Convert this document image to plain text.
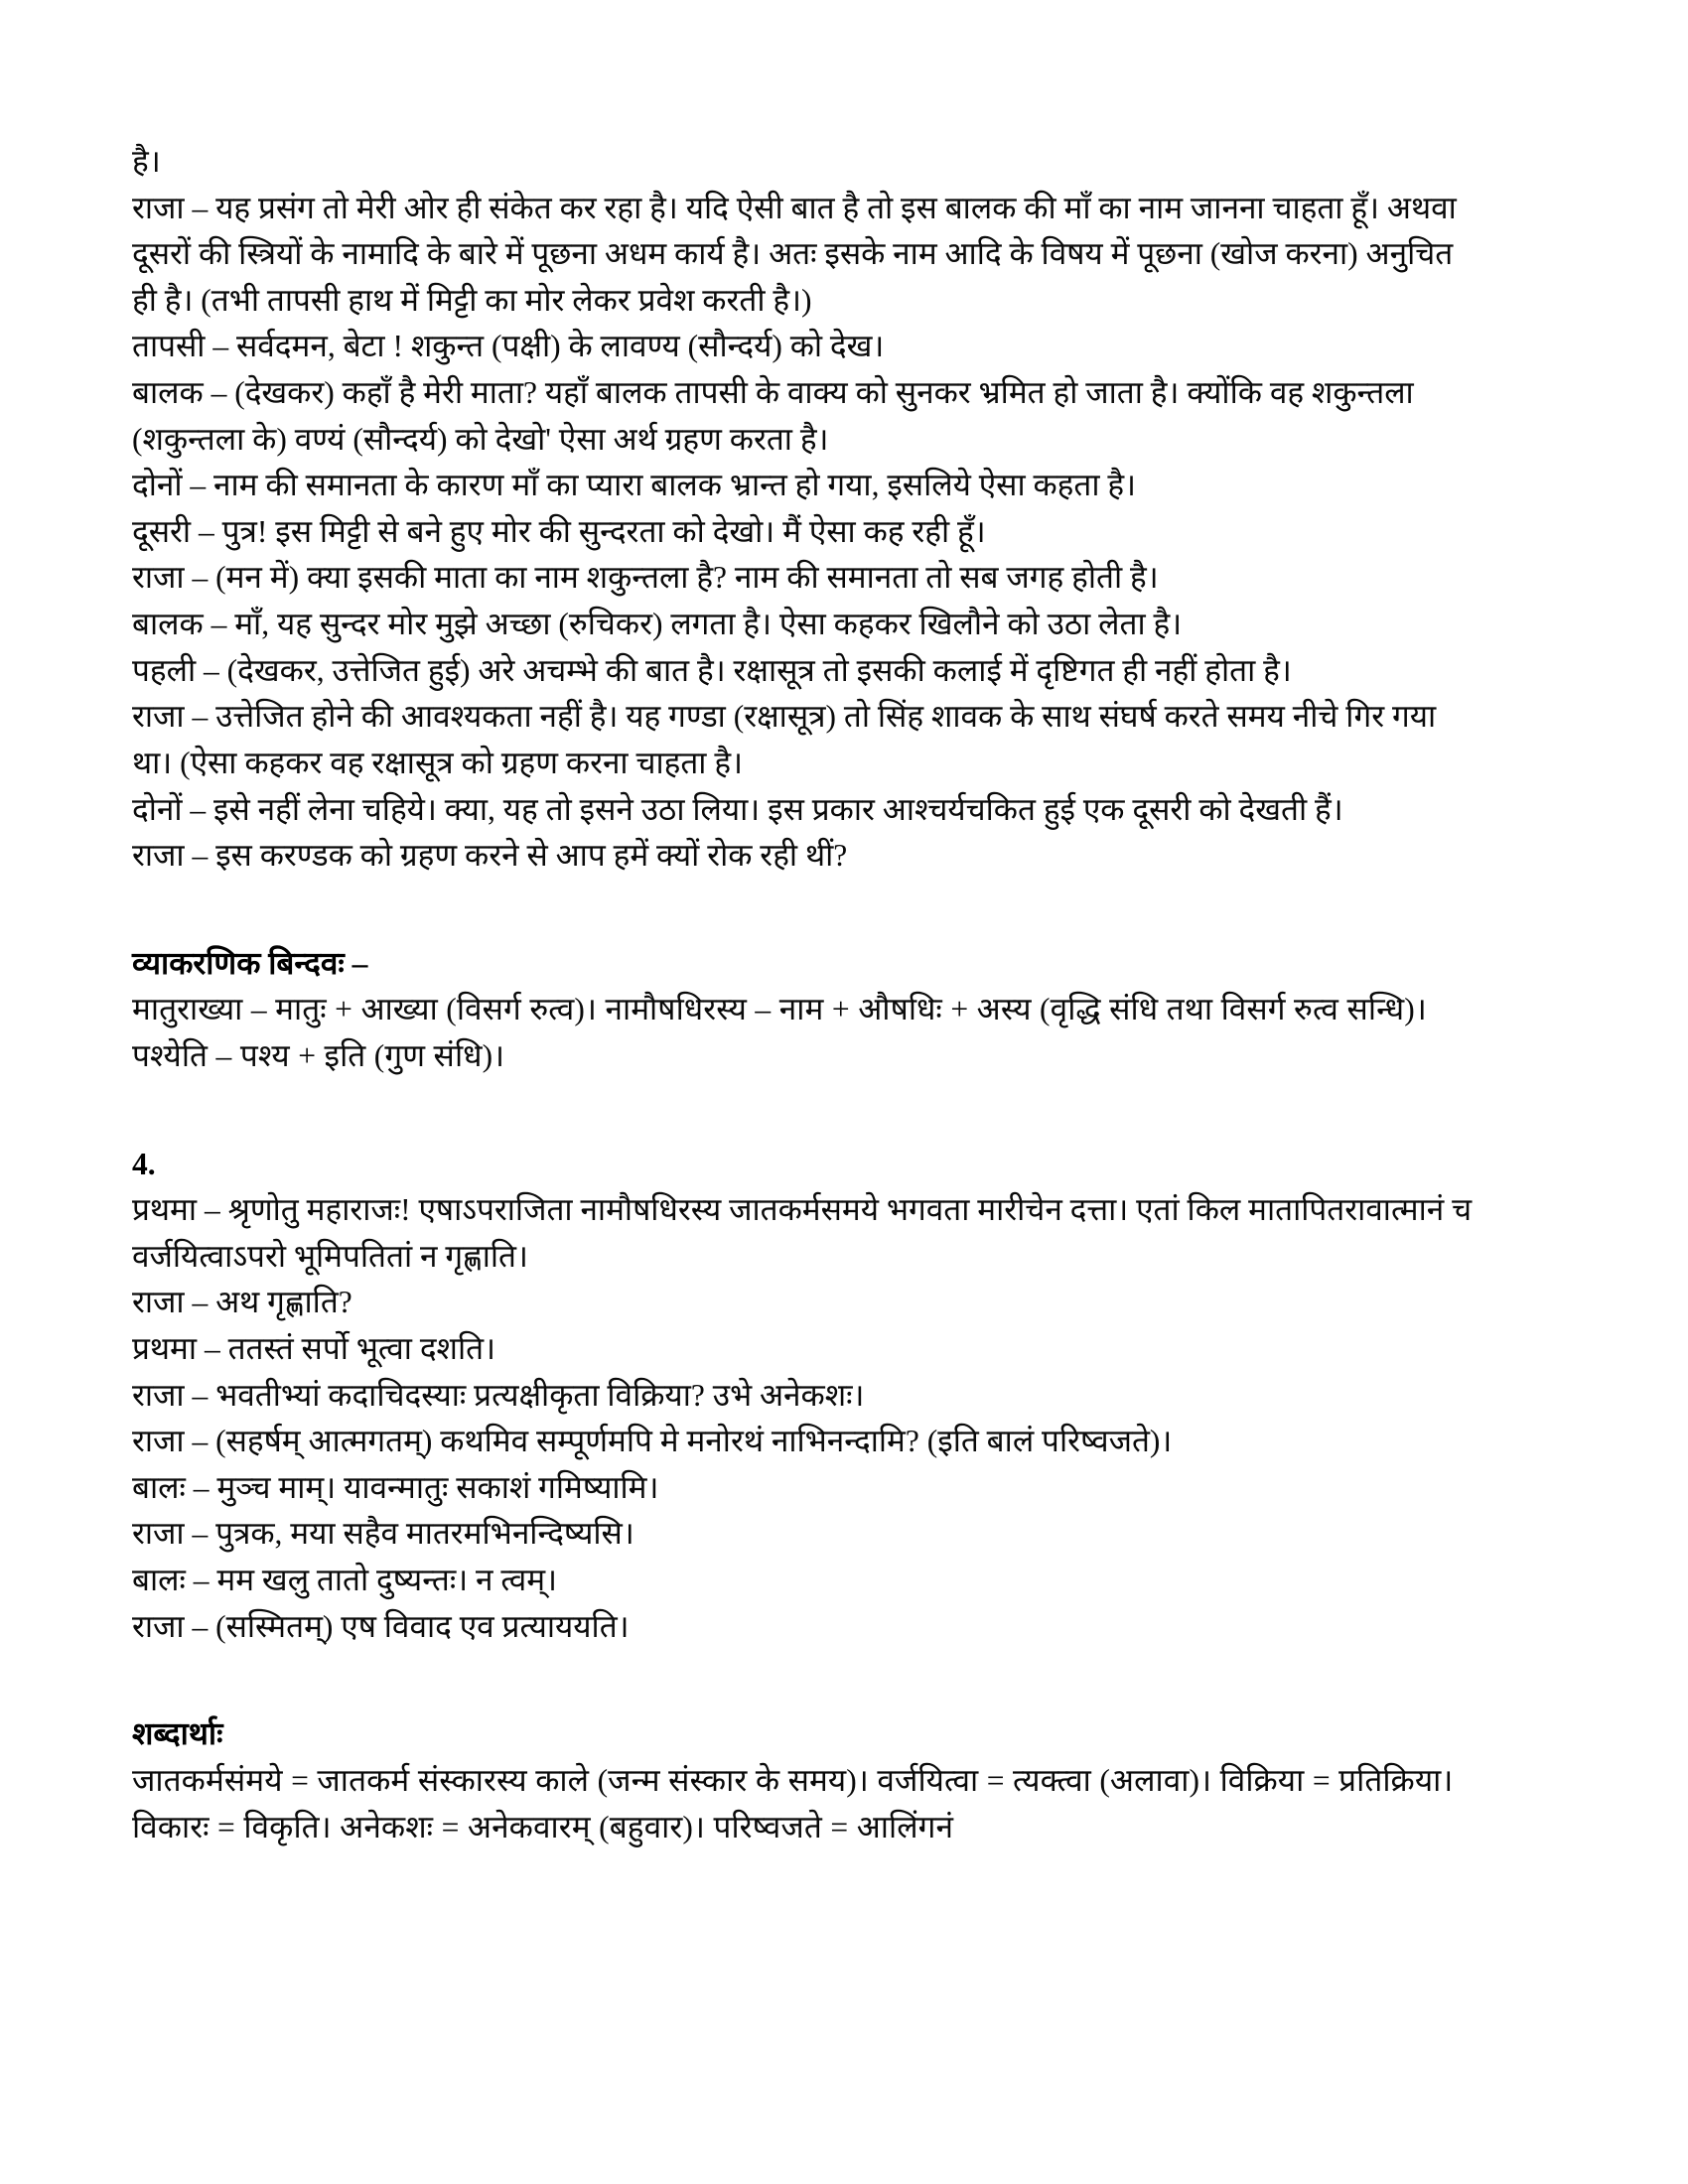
है।
राजा – यह प्रसंग तो मेरी ओर ही संकेत कर रहा है। यदि ऐसी बात है तो इस बालक की माँ का नाम जानना चाहता हूँ। अथवा दूसरों की स्त्रियों के नामादि के बारे में पूछना अधम कार्य है। अतः इसके नाम आदि के विषय में पूछना (खोज करना) अनुचित ही है। (तभी तापसी हाथ में मिट्टी का मोर लेकर प्रवेश करती है।)
तापसी – सर्वदमन, बेटा ! शकुन्त (पक्षी) के लावण्य (सौन्दर्य) को देख।
बालक – (देखकर) कहाँ है मेरी माता? यहाँ बालक तापसी के वाक्य को सुनकर भ्रमित हो जाता है। क्योंकि वह शकुन्तला (शकुन्तला के) वण्यं (सौन्दर्य) को देखो' ऐसा अर्थ ग्रहण करता है।
दोनों – नाम की समानता के कारण माँ का प्यारा बालक भ्रान्त हो गया, इसलिये ऐसा कहता है।
दूसरी – पुत्र! इस मिट्टी से बने हुए मोर की सुन्दरता को देखो। मैं ऐसा कह रही हूँ।
राजा – (मन में) क्या इसकी माता का नाम शकुन्तला है? नाम की समानता तो सब जगह होती है।
बालक – माँ, यह सुन्दर मोर मुझे अच्छा (रुचिकर) लगता है। ऐसा कहकर खिलौने को उठा लेता है।
पहली – (देखकर, उत्तेजित हुई) अरे अचम्भे की बात है। रक्षासूत्र तो इसकी कलाई में दृष्टिगत ही नहीं होता है।
राजा – उत्तेजित होने की आवश्यकता नहीं है। यह गण्डा (रक्षासूत्र) तो सिंह शावक के साथ संघर्ष करते समय नीचे गिर गया था। (ऐसा कहकर वह रक्षासूत्र को ग्रहण करना चाहता है।
दोनों – इसे नहीं लेना चहिये। क्या, यह तो इसने उठा लिया। इस प्रकार आश्चर्यचकित हुई एक दूसरी को देखती हैं।
राजा – इस करण्डक को ग्रहण करने से आप हमें क्यों रोक रही थीं?
व्याकरणिक बिन्दवः –
मातुराख्या – मातुः + आख्या (विसर्ग रुत्व)। नामौषधिरस्य – नाम + औषधिः + अस्य (वृद्धि संधि तथा विसर्ग रुत्व सन्धि)। पश्येति – पश्य + इति (गुण संधि)।
4.
प्रथमा – श्रृणोतु महाराजः! एषाऽपराजिता नामौषधिरस्य जातकर्मसमये भगवता मारीचेन दत्ता। एतां किल मातापितरावात्मानं च वर्जयित्वाऽपरो भूमिपतितां न गृह्णाति।
राजा – अथ गृह्णाति?
प्रथमा – ततस्तं सर्पो भूत्वा दशति।
राजा – भवतीभ्यां कदाचिदस्याः प्रत्यक्षीकृता विक्रिया? उभे अनेकशः।
राजा – (सहर्षम् आत्मगतम्) कथमिव सम्पूर्णमपि मे मनोरथं नाभिनन्दामि? (इति बालं परिष्वजते)।
बालः – मुञ्च माम्। यावन्मातुः सकाशं गमिष्यामि।
राजा – पुत्रक, मया सहैव मातरमभिनन्दिष्यसि।
बालः – मम खलु तातो दुष्यन्तः। न त्वम्।
राजा – (सस्मितम्) एष विवाद एव प्रत्याययति।
शब्दार्थाः
जातकर्मसंमये = जातकर्म संस्कारस्य काले (जन्म संस्कार के समय)। वर्जयित्वा = त्यक्त्वा (अलावा)। विक्रिया = प्रतिक्रिया। विकारः = विकृति। अनेकशः = अनेकवारम् (बहुवार)। परिष्वजते = आलिंगनं
